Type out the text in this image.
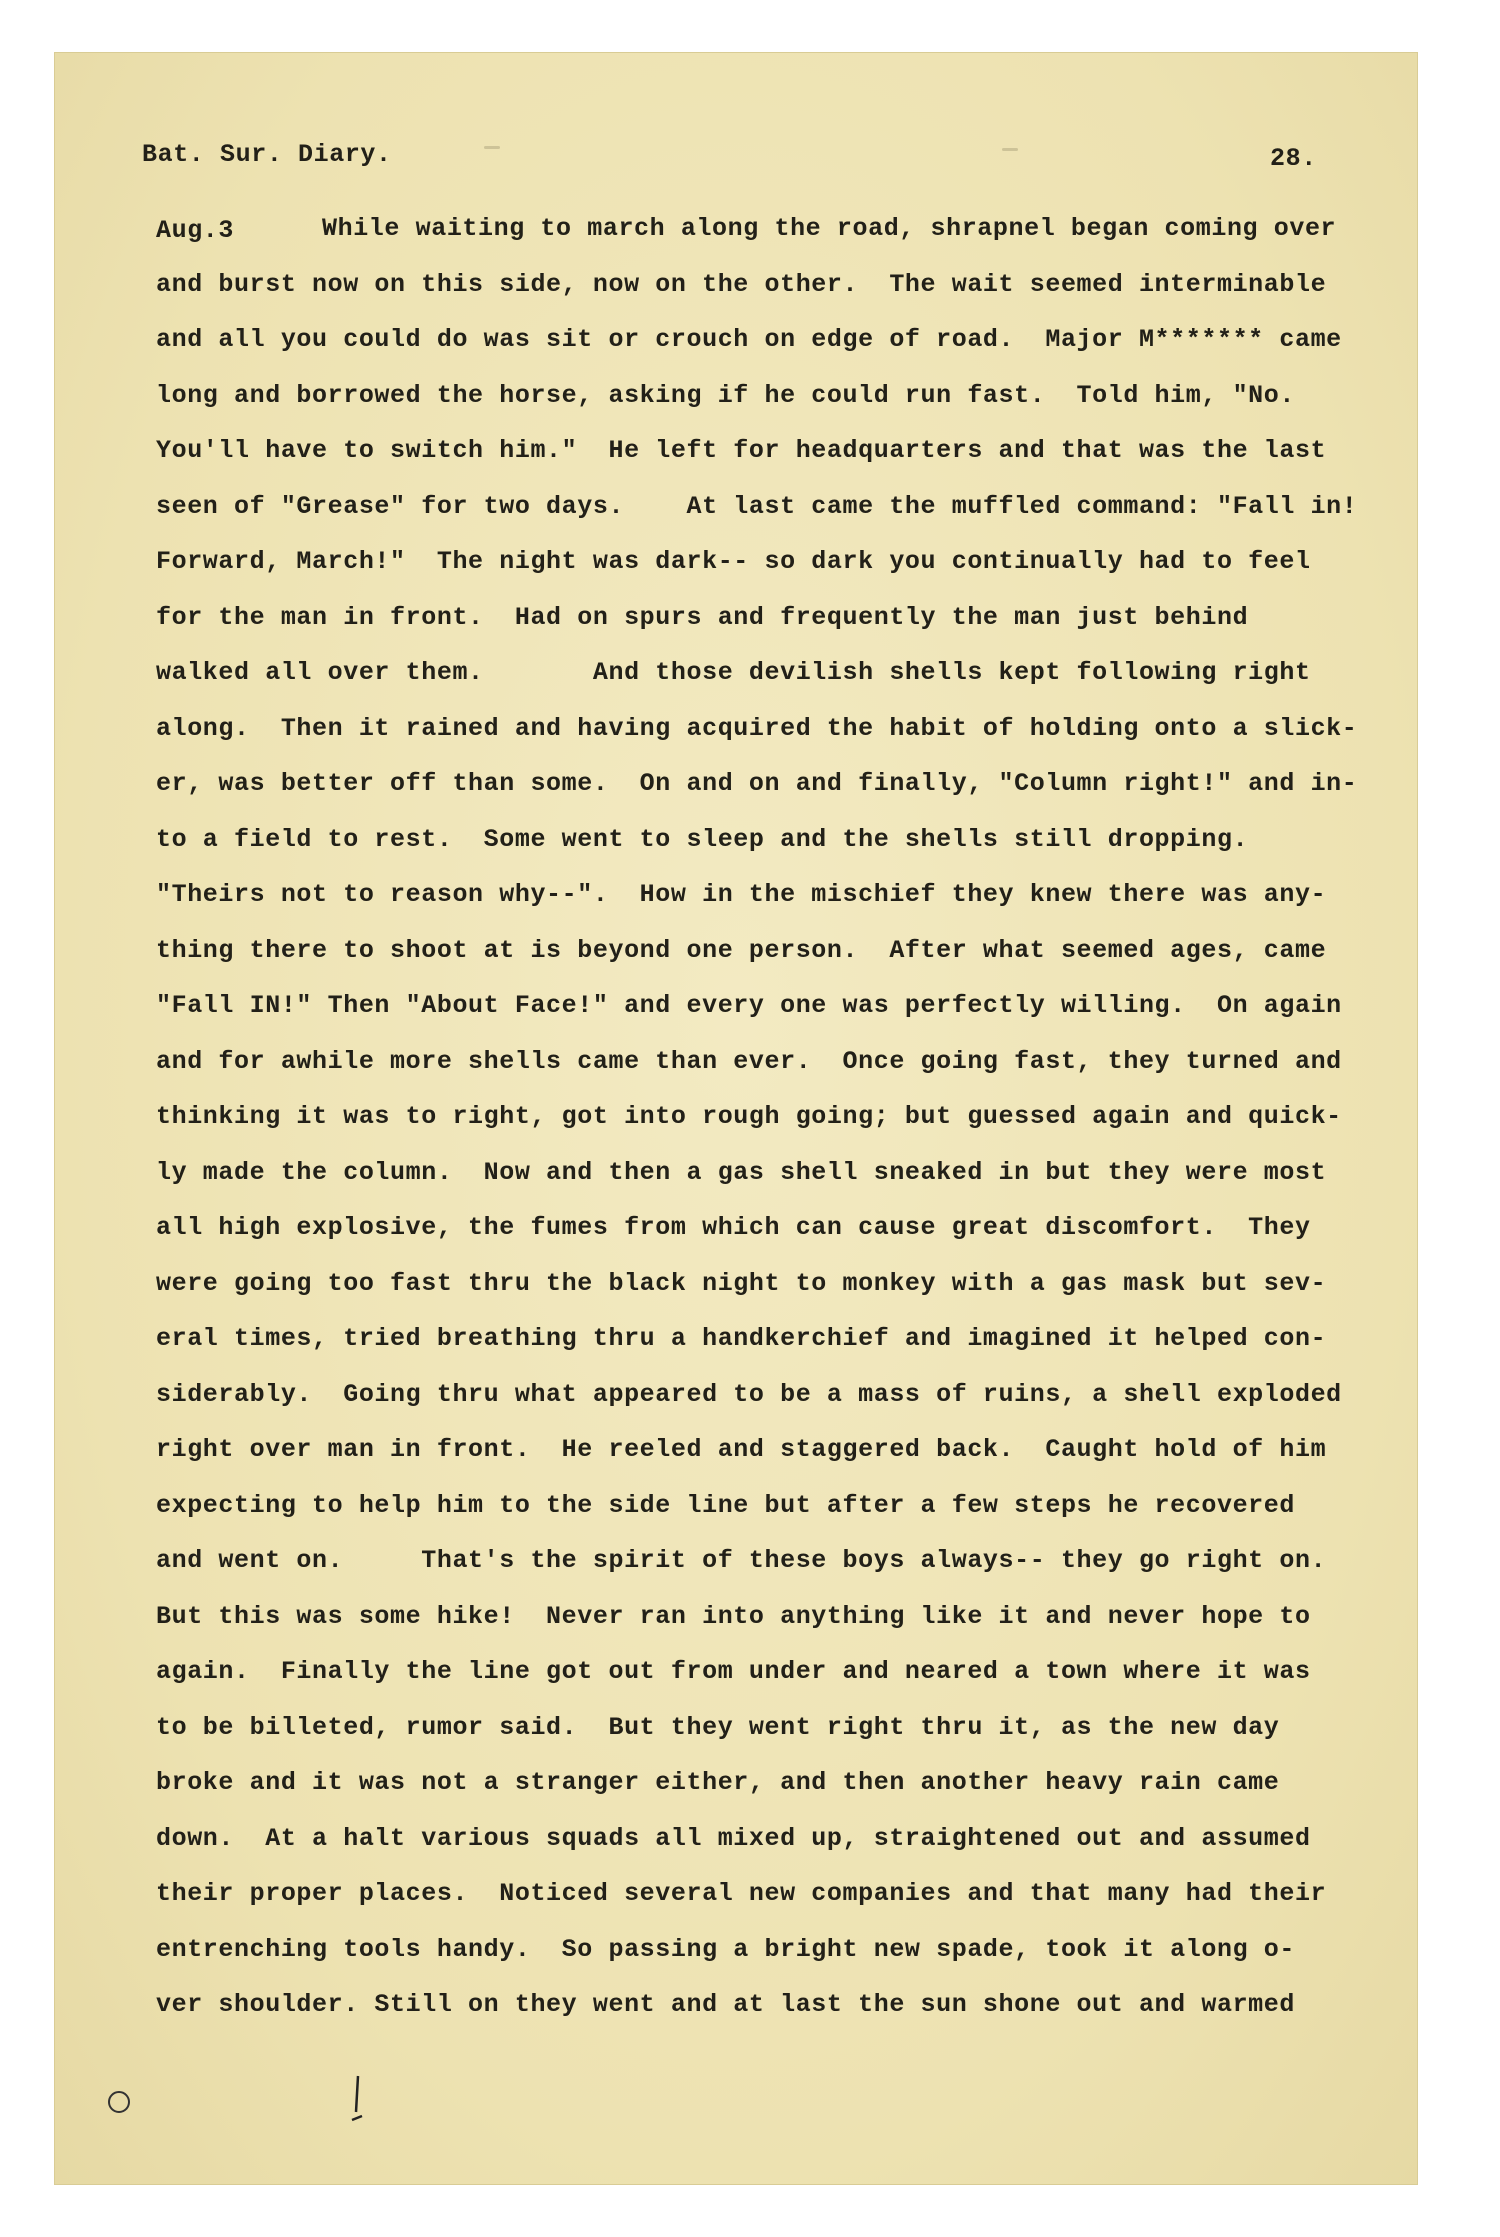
Bat. Sur. Diary.	28.
Aug.3	While waiting to march along the road, shrapnel began coming over
and burst now on this side, now on the other.  The wait seemed interminable
and all you could do was sit or crouch on edge of road.  Major M******* came
long and borrowed the horse, asking if he could run fast.  Told him, "No.
You'll have to switch him."  He left for headquarters and that was the last
seen of "Grease" for two days.    At last came the muffled command: "Fall in!
Forward, March!"  The night was dark-- so dark you continually had to feel
for the man in front.  Had on spurs and frequently the man just behind
walked all over them.       And those devilish shells kept following right
along.  Then it rained and having acquired the habit of holding onto a slick-
er, was better off than some.  On and on and finally, "Column right!" and in-
to a field to rest.  Some went to sleep and the shells still dropping.
"Theirs not to reason why--".  How in the mischief they knew there was any-
thing there to shoot at is beyond one person.  After what seemed ages, came
"Fall IN!" Then "About Face!" and every one was perfectly willing.  On again
and for awhile more shells came than ever.  Once going fast, they turned and
thinking it was to right, got into rough going; but guessed again and quick-
ly made the column.  Now and then a gas shell sneaked in but they were most
all high explosive, the fumes from which can cause great discomfort.  They
were going too fast thru the black night to monkey with a gas mask but sev-
eral times, tried breathing thru a handkerchief and imagined it helped con-
siderably.  Going thru what appeared to be a mass of ruins, a shell exploded
right over man in front.  He reeled and staggered back.  Caught hold of him
expecting to help him to the side line but after a few steps he recovered
and went on.     That's the spirit of these boys always-- they go right on.
But this was some hike!  Never ran into anything like it and never hope to
again.  Finally the line got out from under and neared a town where it was
to be billeted, rumor said.  But they went right thru it, as the new day
broke and it was not a stranger either, and then another heavy rain came
down.  At a halt various squads all mixed up, straightened out and assumed
their proper places.  Noticed several new companies and that many had their
entrenching tools handy.  So passing a bright new spade, took it along o-
ver shoulder. Still on they went and at last the sun shone out and warmed
